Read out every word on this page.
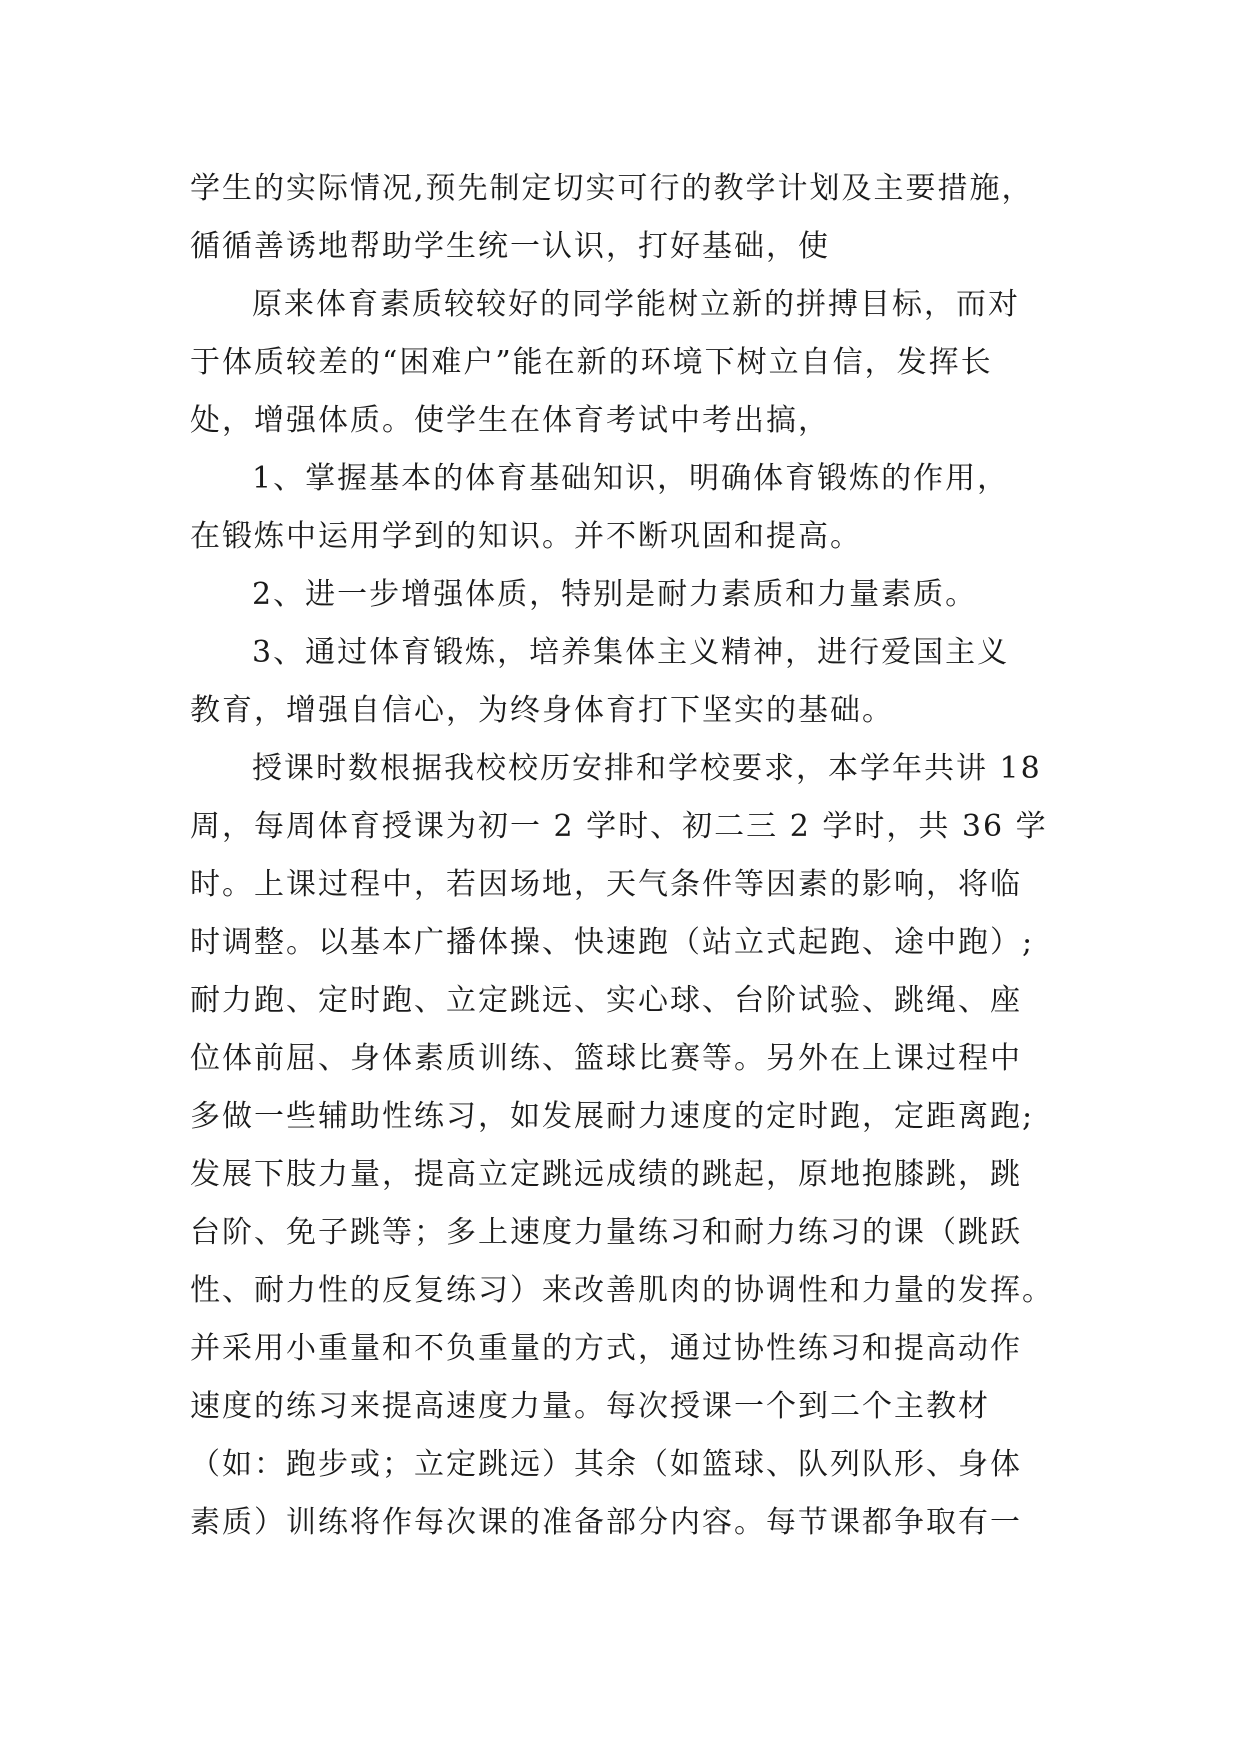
学生的实际情况,预先制定切实可行的教学计划及主要措施，
循循善诱地帮助学生统一认识，打好基础，使
原来体育素质较较好的同学能树立新的拼搏目标，而对
于体质较差的“困难户”能在新的环境下树立自信，发挥长
处，增强体质。使学生在体育考试中考出搞，
1、掌握基本的体育基础知识，明确体育锻炼的作用，
在锻炼中运用学到的知识。并不断巩固和提高。
2、进一步增强体质，特别是耐力素质和力量素质。
3、通过体育锻炼，培养集体主义精神，进行爱国主义
教育，增强自信心，为终身体育打下坚实的基础。
授课时数根据我校校历安排和学校要求，本学年共讲 18
周，每周体育授课为初一 2 学时、初二三 2 学时，共 36 学
时。上课过程中，若因场地，天气条件等因素的影响，将临
时调整。以基本广播体操、快速跑（站立式起跑、途中跑）;
耐力跑、定时跑、立定跳远、实心球、台阶试验、跳绳、座
位体前屈、身体素质训练、篮球比赛等。另外在上课过程中
多做一些辅助性练习，如发展耐力速度的定时跑，定距离跑;
发展下肢力量，提高立定跳远成绩的跳起，原地抱膝跳，跳
台阶、免子跳等；多上速度力量练习和耐力练习的课（跳跃
性、耐力性的反复练习）来改善肌肉的协调性和力量的发挥。
并采用小重量和不负重量的方式，通过协性练习和提高动作
速度的练习来提高速度力量。每次授课一个到二个主教材
（如：跑步或；立定跳远）其余（如篮球、队列队形、身体
素质）训练将作每次课的准备部分内容。每节课都争取有一
